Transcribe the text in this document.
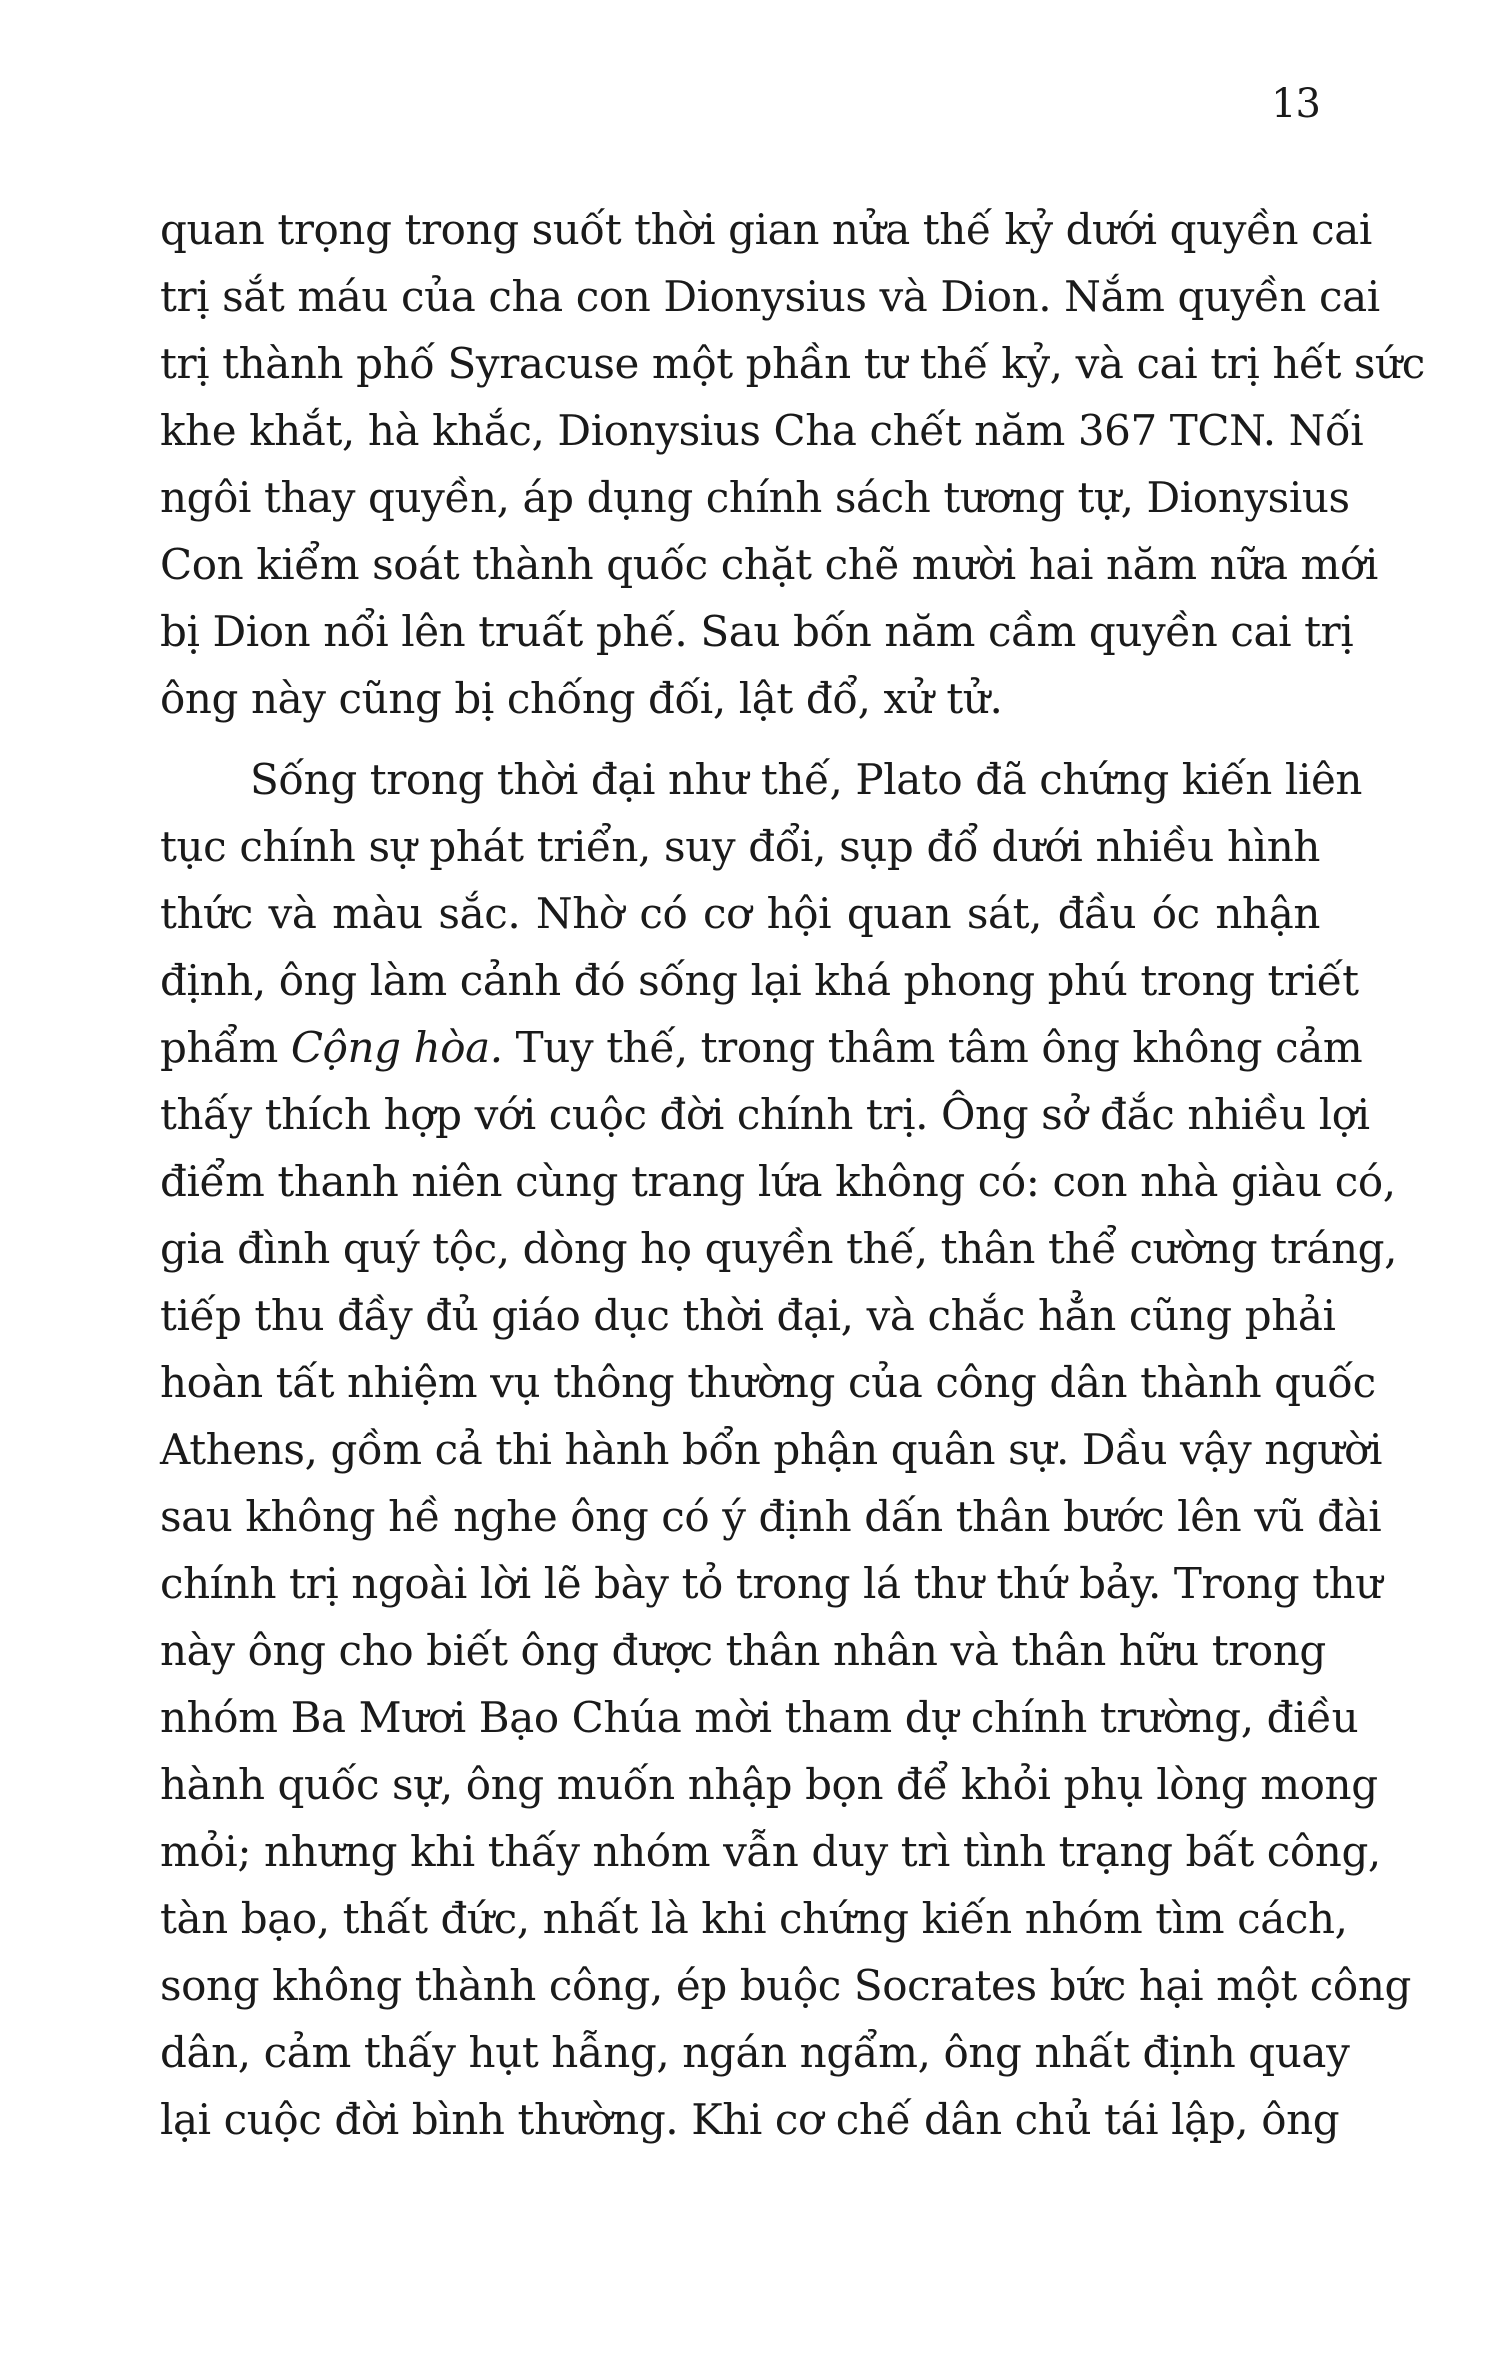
13
quan trọng trong suốt thời gian nửa thế kỷ dưới quyền cai
trị sắt máu của cha con Dionysius và Dion. Nắm quyền cai
trị thành phố Syracuse một phần tư thế kỷ, và cai trị hết sức
khe khắt, hà khắc, Dionysius Cha chết năm 367 TCN. Nối
ngôi thay quyền, áp dụng chính sách tương tự, Dionysius
Con kiểm soát thành quốc chặt chẽ mười hai năm nữa mới
bị Dion nổi lên truất phế. Sau bốn năm cầm quyền cai trị
ông này cũng bị chống đối, lật đổ, xử tử.
Sống trong thời đại như thế, Plato đã chứng kiến liên
tục chính sự phát triển, suy đổi, sụp đổ dưới nhiều hình
thức và màu sắc. Nhờ có cơ hội quan sát, đầu óc nhận
định, ông làm cảnh đó sống lại khá phong phú trong triết
phẩm Cộng hòa. Tuy thế, trong thâm tâm ông không cảm
thấy thích hợp với cuộc đời chính trị. Ông sở đắc nhiều lợi
điểm thanh niên cùng trang lứa không có: con nhà giàu có,
gia đình quý tộc, dòng họ quyền thế, thân thể cường tráng,
tiếp thu đầy đủ giáo dục thời đại, và chắc hẳn cũng phải
hoàn tất nhiệm vụ thông thường của công dân thành quốc
Athens, gồm cả thi hành bổn phận quân sự. Dầu vậy người
sau không hề nghe ông có ý định dấn thân bước lên vũ đài
chính trị ngoài lời lẽ bày tỏ trong lá thư thứ bảy. Trong thư
này ông cho biết ông được thân nhân và thân hữu trong
nhóm Ba Mươi Bạo Chúa mời tham dự chính trường, điều
hành quốc sự, ông muốn nhập bọn để khỏi phụ lòng mong
mỏi; nhưng khi thấy nhóm vẫn duy trì tình trạng bất công,
tàn bạo, thất đức, nhất là khi chứng kiến nhóm tìm cách,
song không thành công, ép buộc Socrates bức hại một công
dân, cảm thấy hụt hẫng, ngán ngẩm, ông nhất định quay
lại cuộc đời bình thường. Khi cơ chế dân chủ tái lập, ông
